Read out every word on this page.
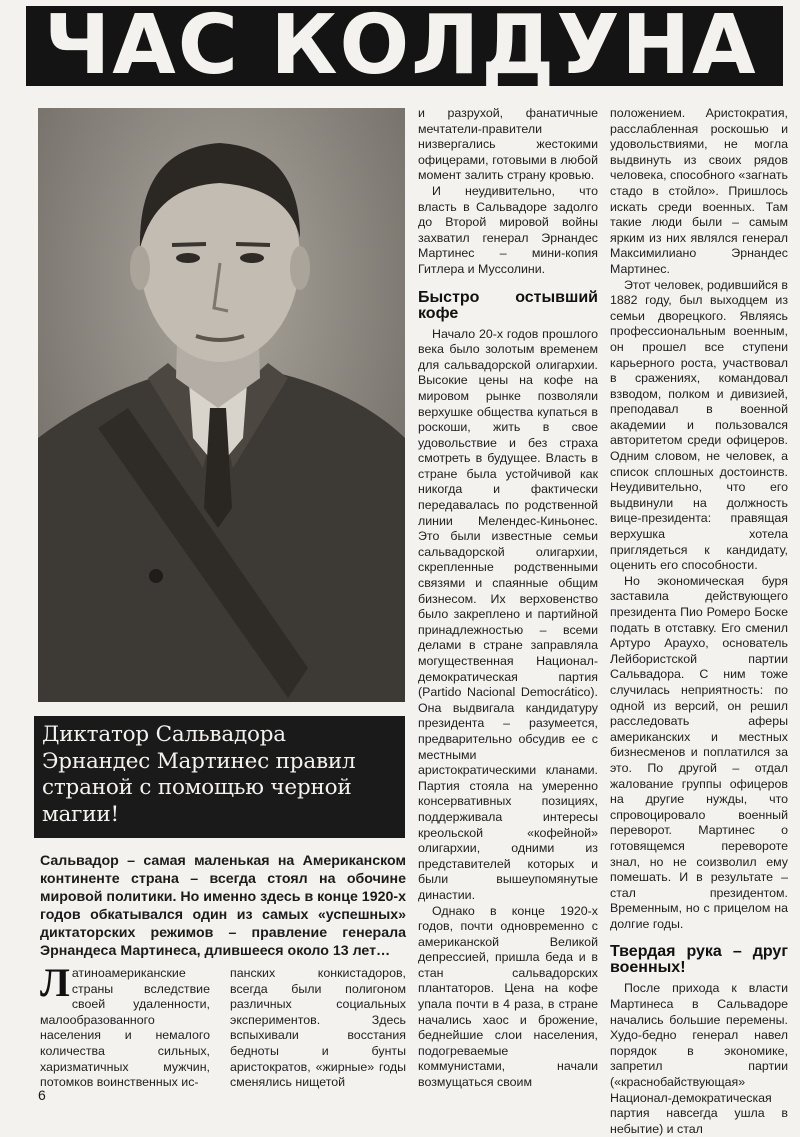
ЧАС КОЛДУНА

Диктатор Сальвадора Эрнандес Мартинес правил страной с помощью черной магии!

Сальвадор – самая маленькая на Американском континенте страна – всегда стоял на обочине мировой политики. Но именно здесь в конце 1920-х годов обкатывался один из самых «успешных» диктаторских режимов – правление генерала Эрнандеса Мартинеса, длившееся около 13 лет…

Латиноамериканские страны вследствие своей удаленности, малообразованного населения и немалого количества сильных, харизматичных мужчин, потомков воинственных ис-

панских конкистадоров, всегда были полигоном различных социальных экспериментов. Здесь вспыхивали восстания бедноты и бунты аристократов, «жирные» годы сменялись нищетой

и разрухой, фанатичные мечтатели-правители низвергались жестокими офицерами, готовыми в любой момент залить страну кровью.

И неудивительно, что власть в Сальвадоре задолго до Второй мировой войны захватил генерал Эрнандес Мартинес – мини-копия Гитлера и Муссолини.

Быстро остывший кофе

Начало 20-х годов прошлого века было золотым временем для сальвадорской олигархии. Высокие цены на кофе на мировом рынке позволяли верхушке общества купаться в роскоши, жить в свое удовольствие и без страха смотреть в будущее. Власть в стране была устойчивой как никогда и фактически передавалась по родственной линии Мелендес-Киньонес. Это были известные семьи сальвадорской олигархии, скрепленные родственными связями и спаянные общим бизнесом. Их верховенство было закреплено и партийной принадлежностью – всеми делами в стране заправляла могущественная Национал-демократическая партия (Partido Nacional Democrático). Она выдвигала кандидатуру президента – разумеется, предварительно обсудив ее с местными аристократическими кланами. Партия стояла на умеренно консервативных позициях, поддерживала интересы креольской «кофейной» олигархии, одними из представителей которых и были вышеупомянутые династии.

Однако в конце 1920-х годов, почти одновременно с американской Великой депрессией, пришла беда и в стан сальвадорских плантаторов. Цена на кофе упала почти в 4 раза, в стране начались хаос и брожение, беднейшие слои населения, подогреваемые коммунистами, начали возмущаться своим

положением. Аристократия, расслабленная роскошью и удовольствиями, не могла выдвинуть из своих рядов человека, способного «загнать стадо в стойло». Пришлось искать среди военных. Там такие люди были – самым ярким из них являлся генерал Максимилиано Эрнандес Мартинес.

Этот человек, родившийся в 1882 году, был выходцем из семьи дворецкого. Являясь профессиональным военным, он прошел все ступени карьерного роста, участвовал в сражениях, командовал взводом, полком и дивизией, преподавал в военной академии и пользовался авторитетом среди офицеров. Одним словом, не человек, а список сплошных достоинств. Неудивительно, что его выдвинули на должность вице-президента: правящая верхушка хотела приглядеться к кандидату, оценить его способности.

Но экономическая буря заставила действующего президента Пио Ромеро Боске подать в отставку. Его сменил Артуро Араухо, основатель Лейбористской партии Сальвадора. С ним тоже случилась неприятность: по одной из версий, он решил расследовать аферы американских и местных бизнесменов и поплатился за это. По другой – отдал жалование группы офицеров на другие нужды, что спровоцировало военный переворот. Мартинес о готовящемся перевороте знал, но не соизволил ему помешать. И в результате – стал президентом. Временным, но с прицелом на долгие годы.

Твердая рука – друг военных!

После прихода к власти Мартинеса в Сальвадоре начались большие перемены. Худо-бедно генерал навел порядок в экономике, запретил партии («краснобайствующая» Национал-демократическая партия навсегда ушла в небытие) и стал

6
